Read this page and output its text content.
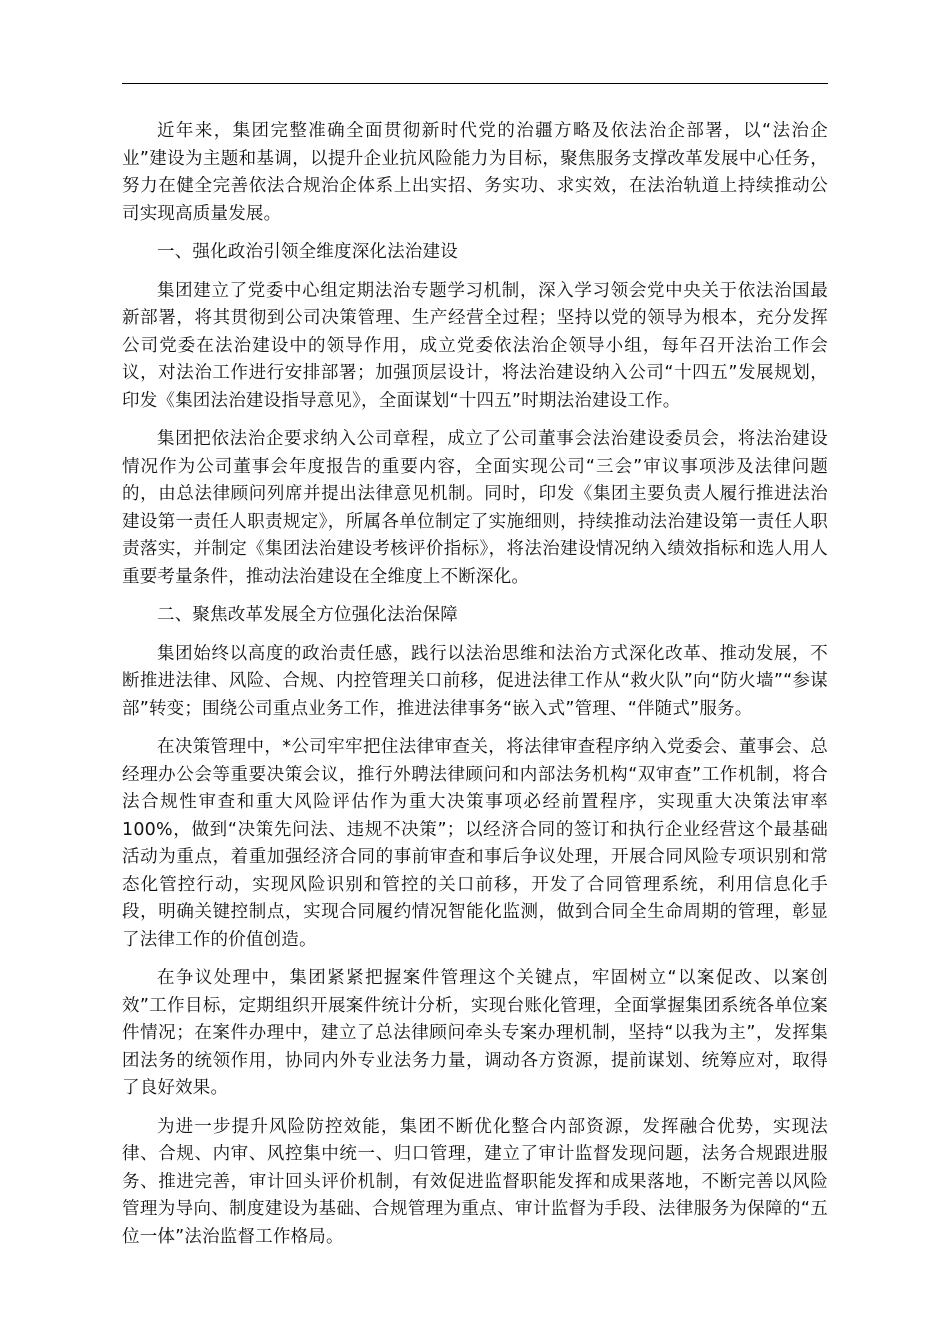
近年来，集团完整准确全面贯彻新时代党的治疆方略及依法治企部署，以“法治企业”建设为主题和基调，以提升企业抗风险能力为目标，聚焦服务支撑改革发展中心任务，努力在健全完善依法合规治企体系上出实招、务实功、求实效，在法治轨道上持续推动公司实现高质量发展。

一、强化政治引领全维度深化法治建设

集团建立了党委中心组定期法治专题学习机制，深入学习领会党中央关于依法治国最新部署，将其贯彻到公司决策管理、生产经营全过程；坚持以党的领导为根本，充分发挥公司党委在法治建设中的领导作用，成立党委依法治企领导小组，每年召开法治工作会议，对法治工作进行安排部署；加强顶层设计，将法治建设纳入公司“十四五”发展规划，印发《集团法治建设指导意见》，全面谋划“十四五”时期法治建设工作。

集团把依法治企要求纳入公司章程，成立了公司董事会法治建设委员会，将法治建设情况作为公司董事会年度报告的重要内容，全面实现公司“三会”审议事项涉及法律问题的，由总法律顾问列席并提出法律意见机制。同时，印发《集团主要负责人履行推进法治建设第一责任人职责规定》，所属各单位制定了实施细则，持续推动法治建设第一责任人职责落实，并制定《集团法治建设考核评价指标》，将法治建设情况纳入绩效指标和选人用人重要考量条件，推动法治建设在全维度上不断深化。

二、聚焦改革发展全方位强化法治保障

集团始终以高度的政治责任感，践行以法治思维和法治方式深化改革、推动发展，不断推进法律、风险、合规、内控管理关口前移，促进法律工作从“救火队”向“防火墙”“参谋部”转变；围绕公司重点业务工作，推进法律事务“嵌入式”管理、“伴随式”服务。

在决策管理中，*公司牢牢把住法律审查关，将法律审查程序纳入党委会、董事会、总经理办公会等重要决策会议，推行外聘法律顾问和内部法务机构“双审查”工作机制，将合法合规性审查和重大风险评估作为重大决策事项必经前置程序，实现重大决策法审率100%，做到“决策先问法、违规不决策”；以经济合同的签订和执行企业经营这个最基础活动为重点，着重加强经济合同的事前审查和事后争议处理，开展合同风险专项识别和常态化管控行动，实现风险识别和管控的关口前移，开发了合同管理系统，利用信息化手段，明确关键控制点，实现合同履约情况智能化监测，做到合同全生命周期的管理，彰显了法律工作的价值创造。

在争议处理中，集团紧紧把握案件管理这个关键点，牢固树立“以案促改、以案创效”工作目标，定期组织开展案件统计分析，实现台账化管理，全面掌握集团系统各单位案件情况；在案件办理中，建立了总法律顾问牵头专案办理机制，坚持“以我为主”，发挥集团法务的统领作用，协同内外专业法务力量，调动各方资源，提前谋划、统筹应对，取得了良好效果。

为进一步提升风险防控效能，集团不断优化整合内部资源，发挥融合优势，实现法律、合规、内审、风控集中统一、归口管理，建立了审计监督发现问题，法务合规跟进服务、推进完善，审计回头评价机制，有效促进监督职能发挥和成果落地，不断完善以风险管理为导向、制度建设为基础、合规管理为重点、审计监督为手段、法律服务为保障的“五位一体”法治监督工作格局。
